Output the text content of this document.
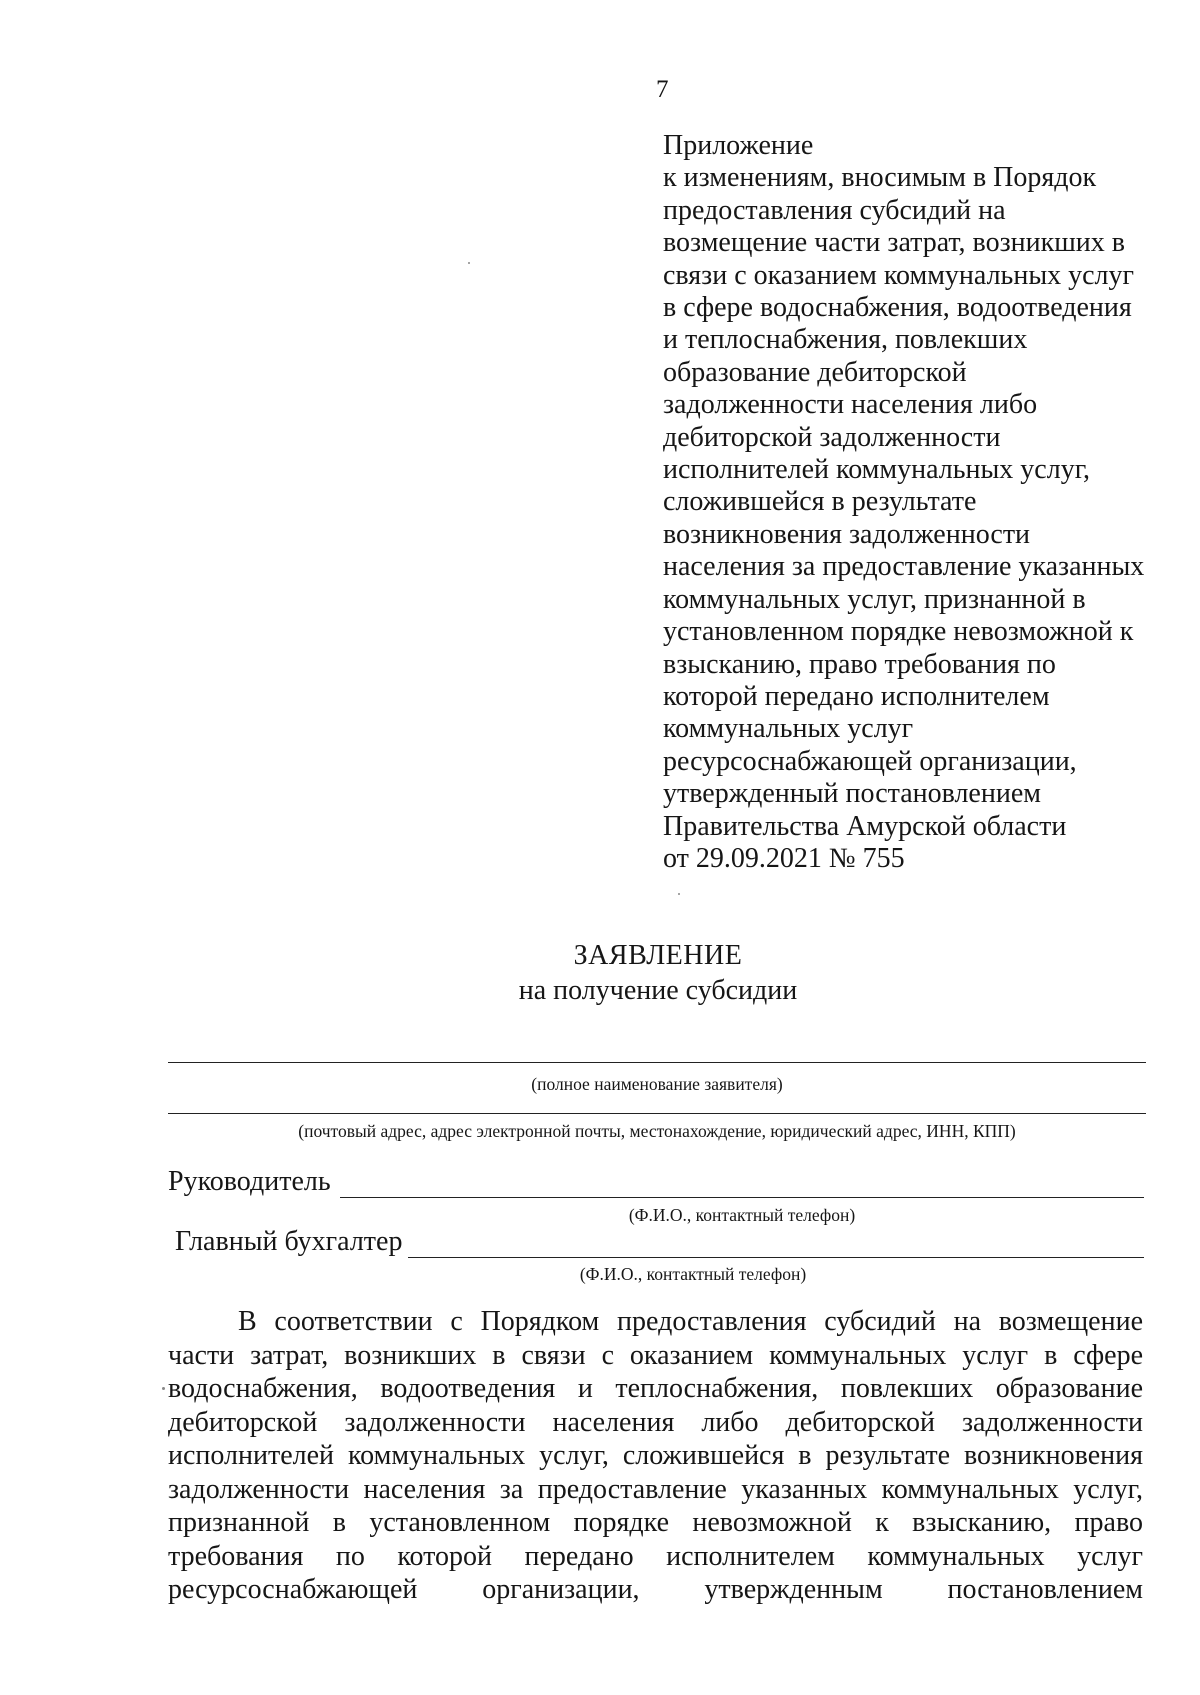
7
Приложение
к изменениям, вносимым в Порядок
предоставления субсидий на
возмещение части затрат, возникших в
связи с оказанием коммунальных услуг
в сфере водоснабжения, водоотведения
и теплоснабжения, повлекших
образование дебиторской
задолженности населения либо
дебиторской задолженности
исполнителей коммунальных услуг,
сложившейся в результате
возникновения задолженности
населения за предоставление указанных
коммунальных услуг, признанной в
установленном порядке невозможной к
взысканию, право требования по
которой передано исполнителем
коммунальных услуг
ресурсоснабжающей организации,
утвержденный постановлением
Правительства Амурской области
от 29.09.2021 № 755
ЗАЯВЛЕНИЕ
на получение субсидии
(полное наименование заявителя)
(почтовый адрес, адрес электронной почты, местонахождение, юридический адрес, ИНН, КПП)
Руководитель
(Ф.И.О., контактный телефон)
Главный бухгалтер
(Ф.И.О., контактный телефон)
В соответствии с Порядком предоставления субсидий на возмещение
части затрат, возникших в связи с оказанием коммунальных услуг в сфере
водоснабжения, водоотведения и теплоснабжения, повлекших образование
дебиторской задолженности населения либо дебиторской задолженности
исполнителей коммунальных услуг, сложившейся в результате возникновения
задолженности населения за предоставление указанных коммунальных услуг,
признанной в установленном порядке невозможной к взысканию, право
требования по которой передано исполнителем коммунальных услуг
ресурсоснабжающей организации, утвержденным постановлением
